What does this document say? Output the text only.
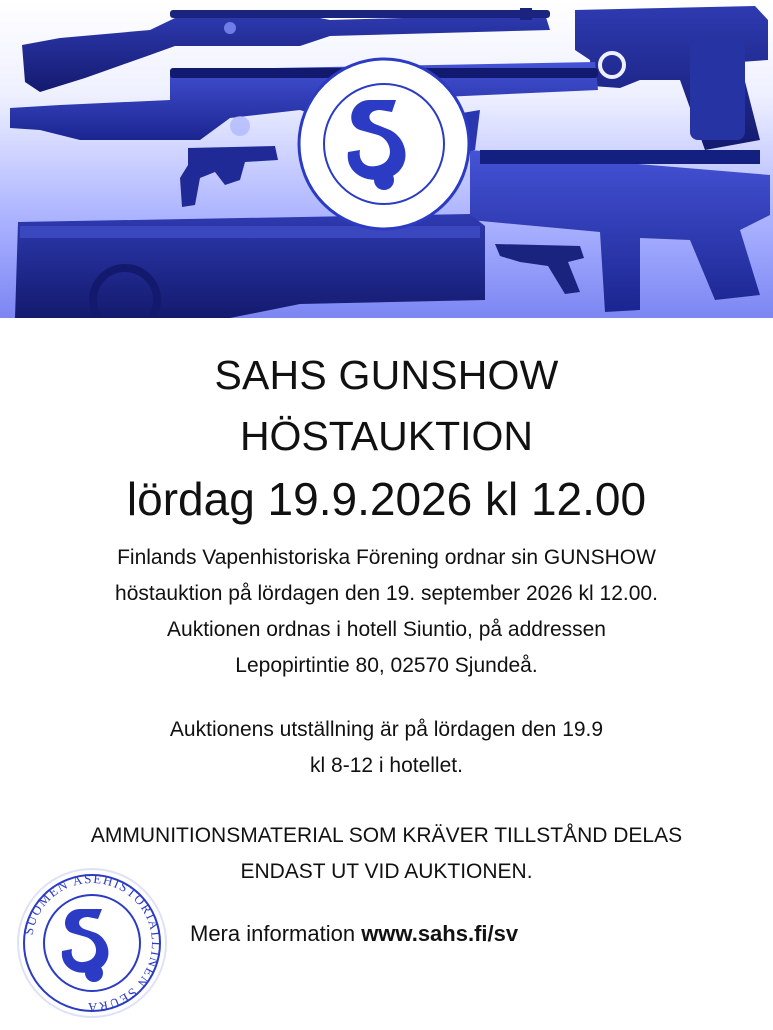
SAHS GUNSHOW
HÖSTAUKTION
lördag 19.9.2026 kl 12.00
Finlands Vapenhistoriska Förening ordnar sin GUNSHOW
höstauktion på lördagen den 19. september 2026 kl 12.00.
Auktionen ordnas i hotell Siuntio, på addressen
Lepopirtintie 80, 02570 Sjundeå.
Auktionens utställning är på lördagen den 19.9
kl 8-12 i hotellet.
AMMUNITIONSMATERIAL SOM KRÄVER TILLSTÅND DELAS
ENDAST UT VID AUKTIONEN.
SUOMEN ASEHISTORIALLINEN SEURA
Mera information www.sahs.fi/sv
